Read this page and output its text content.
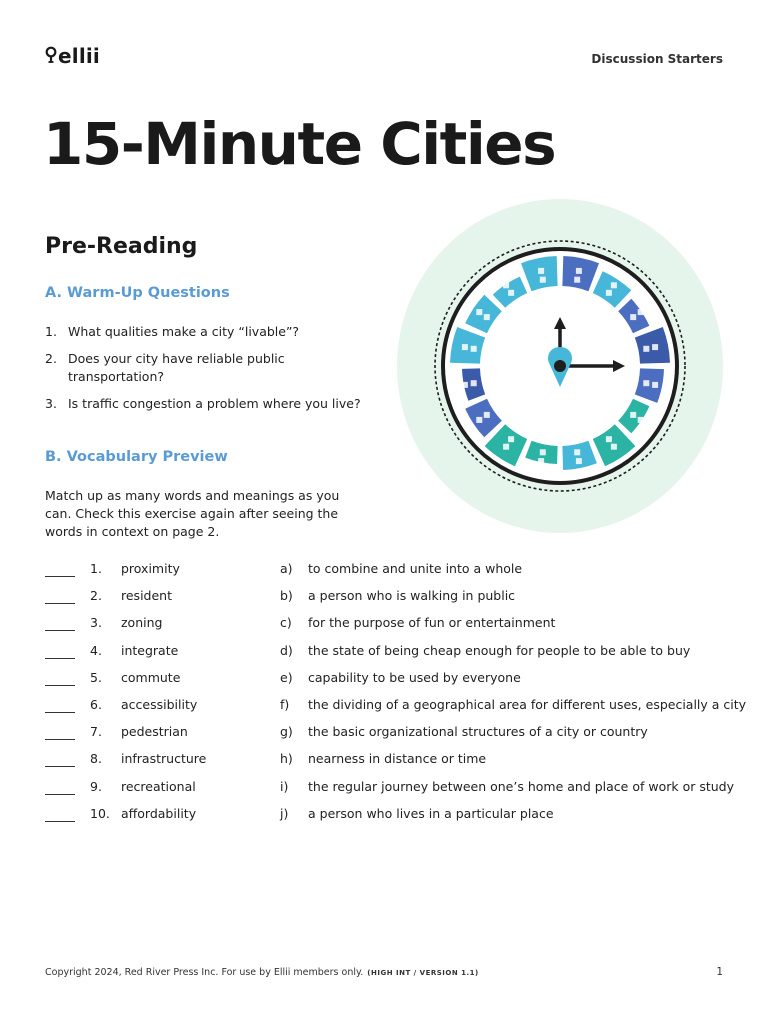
ellii	Discussion Starters
15-Minute Cities
Pre-Reading
A. Warm-Up Questions
1. What qualities make a city “livable”?
2. Does your city have reliable public transportation?
3. Is traffic congestion a problem where you live?
B. Vocabulary Preview

Match up as many words and meanings as you can. Check this exercise again after seeing the words in context on page 2.

1. proximity	a) to combine and unite into a whole
2. resident	b) a person who is walking in public
3. zoning	c) for the purpose of fun or entertainment
4. integrate	d) the state of being cheap enough for people to be able to buy
5. commute	e) capability to be used by everyone
6. accessibility	f) the dividing of a geographical area for different uses, especially a city
7. pedestrian	g) the basic organizational structures of a city or country
8. infrastructure	h) nearness in distance or time
9. recreational	i) the regular journey between one’s home and place of work or study
10. affordability	j) a person who lives in a particular place
Copyright 2024, Red River Press Inc. For use by Ellii members only. (HIGH INT / VERSION 1.1)	1
